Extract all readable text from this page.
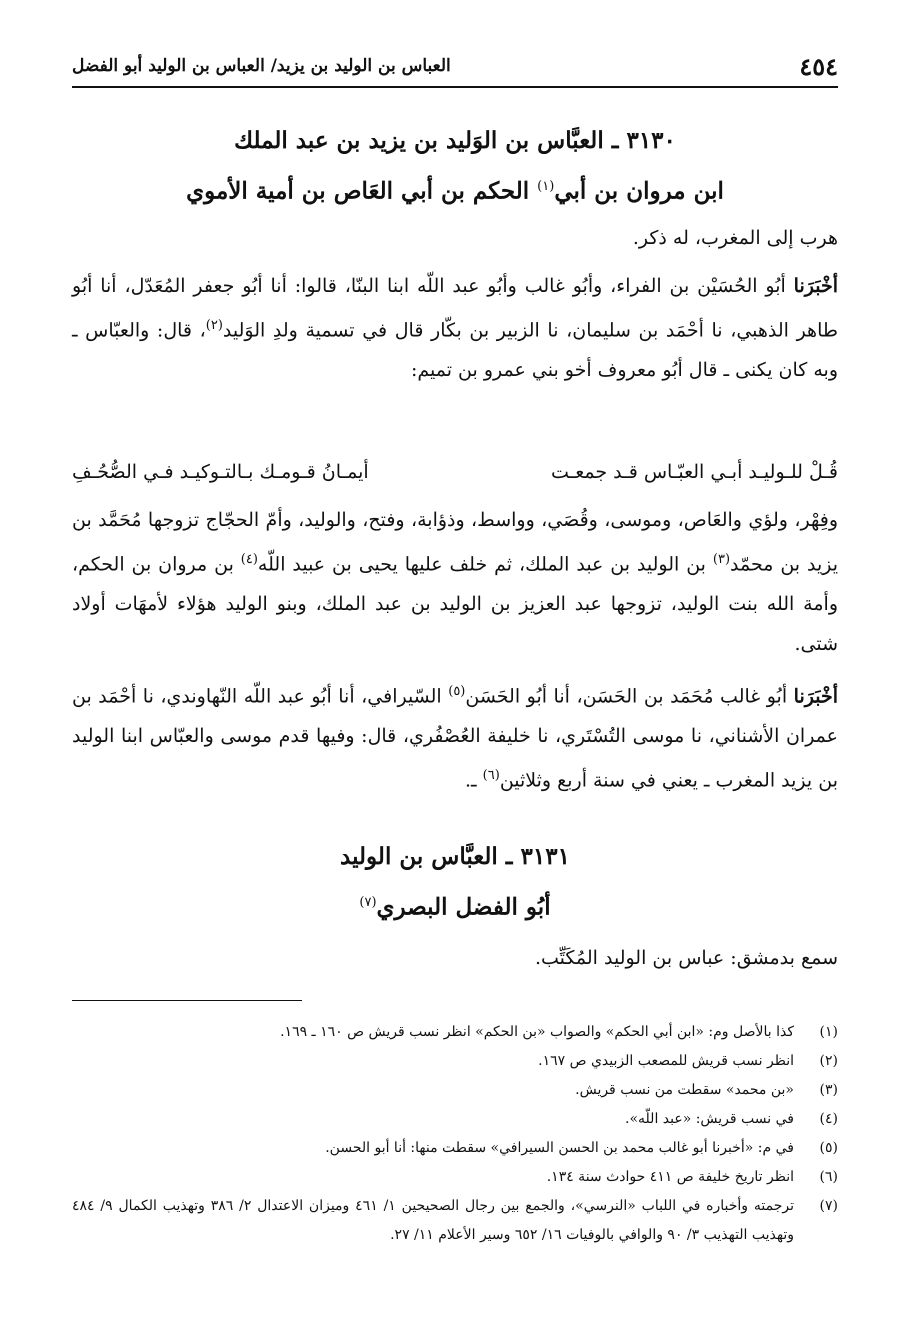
٤٥٤
العباس بن الوليد بن يزيد/ العباس بن الوليد أبو الفضل
٣١٣٠ ـ العبَّاس بن الوَليد بن يزيد بن عبد الملك
ابن مروان بن أبي$^{(١)}$ الحكم بن أبي العَاص بن أمية الأموي
هرب إلى المغرب، له ذكر.
أخْبَرَنا أبُو الحُسَيْن بن الفراء، وأبُو غالب وأبُو عبد اللّه ابنا البنّا، قالوا: أنا أبُو جعفر المُعَدّل، أنا أبُو طاهر الذهبي، نا أحْمَد بن سليمان، نا الزبير بن بكّار قال في تسمية ولدِ الوَليد$^{(٢)}$، قال: والعبّاس ـ وبه كان يكنى ـ قال أبُو معروف أخو بني عمرو بن تميم:
قُـلْ للـوليـد أبـي العبّـاس قـد جمعـت
أيمـانُ قـومـك بـالتـوكيـد فـي الصُّحُـفِ
وفِهْر، ولؤي والعَاص، وموسى، وقُصَي، وواسط، وذؤابة، وفتح، والوليد، وأمّ الحجّاج تزوجها مُحَمَّد بن يزيد بن محمّد$^{(٣)}$ بن الوليد بن عبد الملك، ثم خلف عليها يحيى بن عبيد اللّه$^{(٤)}$ بن مروان بن الحكم، وأمة الله بنت الوليد، تزوجها عبد العزيز بن الوليد بن عبد الملك، وبنو الوليد هؤلاء لأمهَات أولاد شتى.
أخْبَرَنا أبُو غالب مُحَمَد بن الحَسَن، أنا أبُو الحَسَن$^{(٥)}$ السّيرافي، أنا أبُو عبد اللّه النّهاوندي، نا أحْمَد بن عمران الأشناني، نا موسى التُسْتَري، نا خليفة العُصْفُري، قال: وفيها قدم موسى والعبّاس ابنا الوليد بن يزيد المغرب ـ يعني في سنة أربع وثلاثين$^{(٦)}$ ـ.
٣١٣١ ـ العبَّاس بن الوليد
أبُو الفضل البصري$^{(٧)}$
سمع بدمشق: عباس بن الوليد المُكَتِّب.
(١)
كذا بالأصل وم: «ابن أبي الحكم» والصواب «بن الحكم» انظر نسب قريش ص ١٦٠ ـ ١٦٩.
(٢)
انظر نسب قريش للمصعب الزبيدي ص ١٦٧.
(٣)
«بن محمد» سقطت من نسب قريش.
(٤)
في نسب قريش: «عبد اللّه».
(٥)
في م: «أخبرنا أبو غالب محمد بن الحسن السيرافي» سقطت منها: أنا أبو الحسن.
(٦)
انظر تاريخ خليفة ص ٤١١ حوادث سنة ١٣٤.
(٧)
ترجمته وأخباره في اللباب «النرسي»، والجمع بين رجال الصحيحين ١/ ٤٦١ وميزان الاعتدال ٢/ ٣٨٦ وتهذيب الكمال ٩/ ٤٨٤ وتهذيب التهذيب ٣/ ٩٠ والوافي بالوفيات ١٦/ ٦٥٢ وسير الأعلام ١١/ ٢٧.
